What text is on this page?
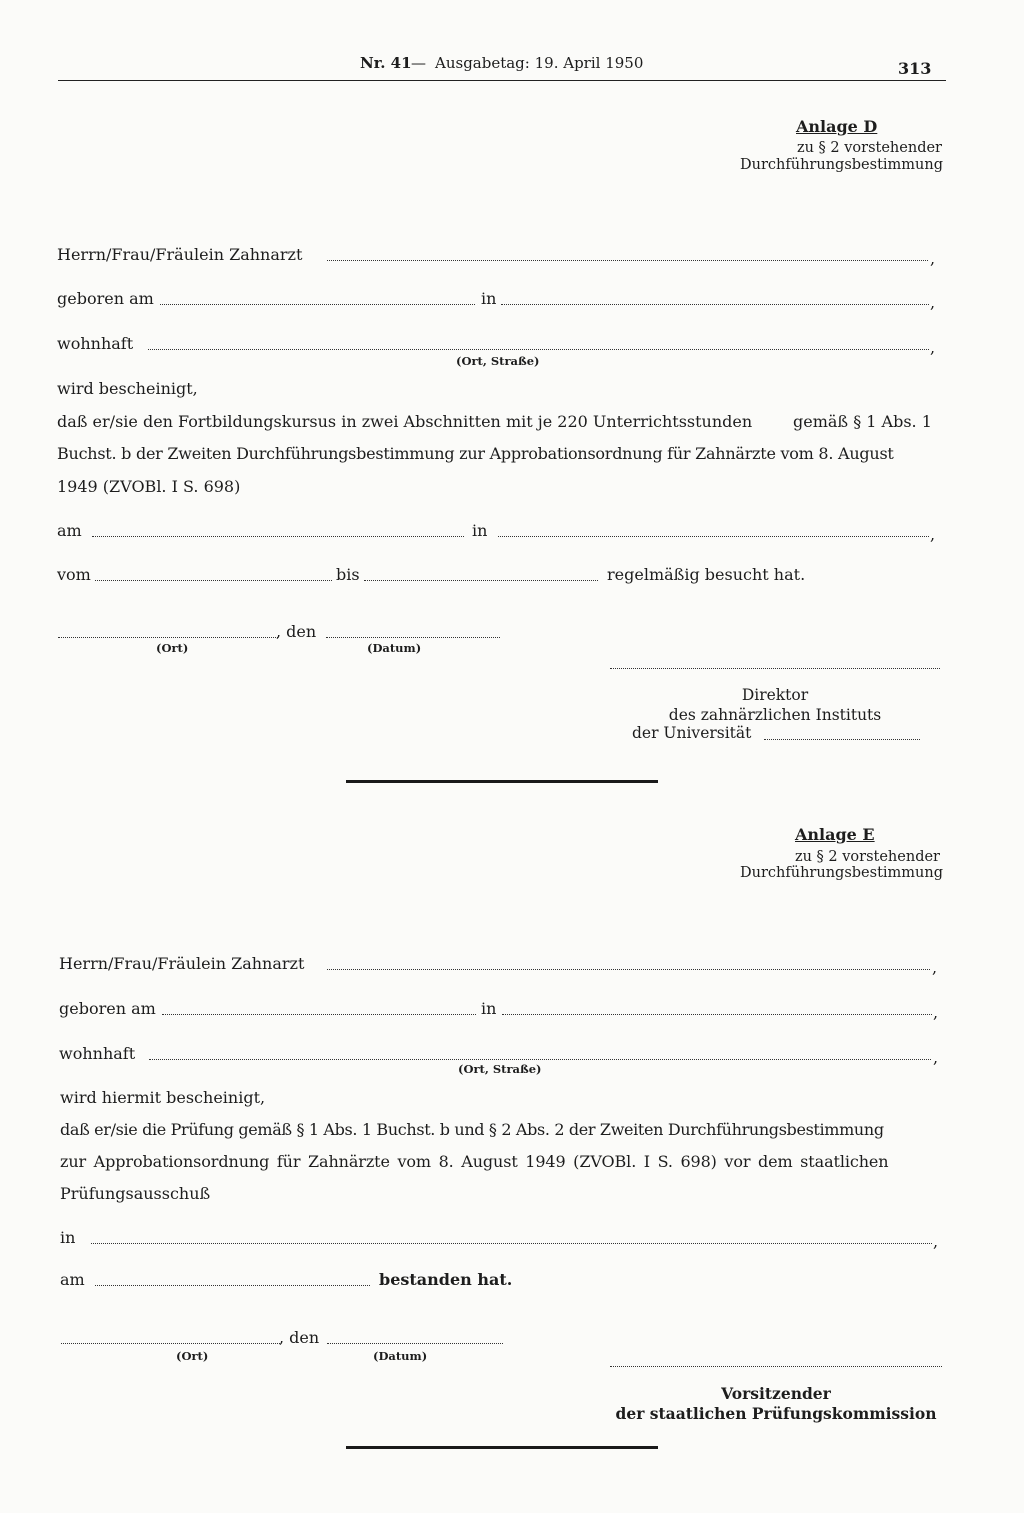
Nr. 41 — Ausgabetag: 19. April 1950	313
Anlage D
zu § 2 vorstehender
Durchführungsbestimmung
Herrn/Frau/Fräulein Zahnarzt	,
geboren am	in	,
wohnhaft	,
(Ort, Straße)
wird bescheinigt,
daß er/sie den Fortbildungskursus in zwei Abschnitten mit je 220 Unterrichtsstunden	gemäß § 1 Abs. 1
Buchst. b der Zweiten Durchführungsbestimmung zur Approbationsordnung für Zahnärzte vom 8. August
1949 (ZVOBl. I S. 698)
am	in	,
vom	bis	regelmäßig besucht hat.
, den
(Ort)	(Datum)
Direktor
des zahnärzlichen Instituts
der Universität
Anlage E
zu § 2 vorstehender
Durchführungsbestimmung
Herrn/Frau/Fräulein Zahnarzt	,
geboren am	in	,
wohnhaft	,
(Ort, Straße)
wird hiermit bescheinigt,
daß er/sie die Prüfung gemäß § 1 Abs. 1 Buchst. b und § 2 Abs. 2 der Zweiten Durchführungsbestimmung
zur Approbationsordnung für Zahnärzte vom 8. August 1949 (ZVOBl. I S. 698) vor dem staatlichen
Prüfungsausschuß
in	,
am	bestanden hat.
, den
(Ort)	(Datum)
Vorsitzender
der staatlichen Prüfungskommission
